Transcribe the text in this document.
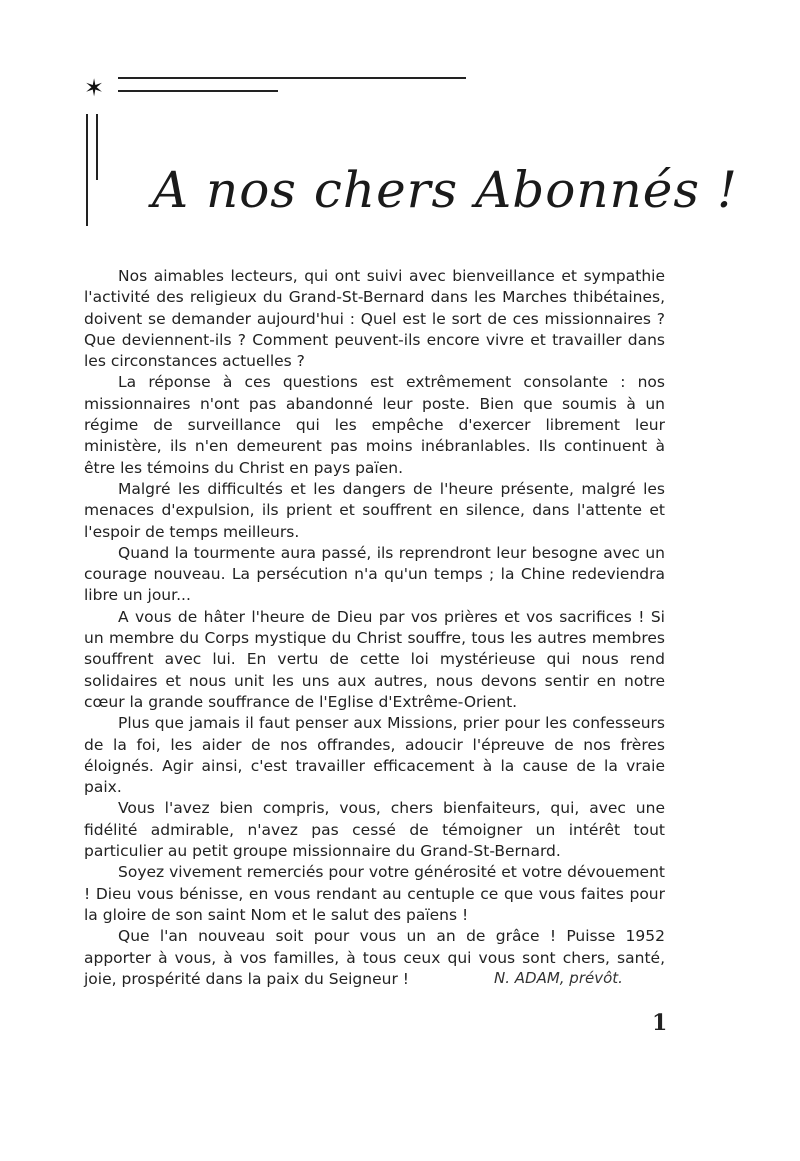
✶
A nos chers Abonnés !

Nos aimables lecteurs, qui ont suivi avec bienveillance et sympathie l'activité des religieux du Grand-St-Bernard dans les Marches thibétaines, doivent se demander aujourd'hui : Quel est le sort de ces missionnaires ? Que deviennent-ils ? Comment peuvent-ils encore vivre et travailler dans les circonstances actuelles ?

La réponse à ces questions est extrêmement consolante : nos missionnaires n'ont pas abandonné leur poste. Bien que soumis à un régime de surveillance qui les empêche d'exercer librement leur ministère, ils n'en demeurent pas moins inébranlables. Ils continuent à être les témoins du Christ en pays païen.

Malgré les difficultés et les dangers de l'heure présente, malgré les menaces d'expulsion, ils prient et souffrent en silence, dans l'attente et l'espoir de temps meilleurs.

Quand la tourmente aura passé, ils reprendront leur besogne avec un courage nouveau. La persécution n'a qu'un temps ; la Chine redeviendra libre un jour...

A vous de hâter l'heure de Dieu par vos prières et vos sacrifices ! Si un membre du Corps mystique du Christ souffre, tous les autres membres souffrent avec lui. En vertu de cette loi mystérieuse qui nous rend solidaires et nous unit les uns aux autres, nous devons sentir en notre cœur la grande souffrance de l'Eglise d'Extrême-Orient.

Plus que jamais il faut penser aux Missions, prier pour les confesseurs de la foi, les aider de nos offrandes, adoucir l'épreuve de nos frères éloignés. Agir ainsi, c'est travailler efficacement à la cause de la vraie paix.

Vous l'avez bien compris, vous, chers bienfaiteurs, qui, avec une fidélité admirable, n'avez pas cessé de témoigner un intérêt tout particulier au petit groupe missionnaire du Grand-St-Bernard.

Soyez vivement remerciés pour votre générosité et votre dévouement ! Dieu vous bénisse, en vous rendant au centuple ce que vous faites pour la gloire de son saint Nom et le salut des païens !

Que l'an nouveau soit pour vous un an de grâce ! Puisse 1952 apporter à vous, à vos familles, à tous ceux qui vous sont chers, santé, joie, prospérité dans la paix du Seigneur !	N. ADAM, prévôt.
1
